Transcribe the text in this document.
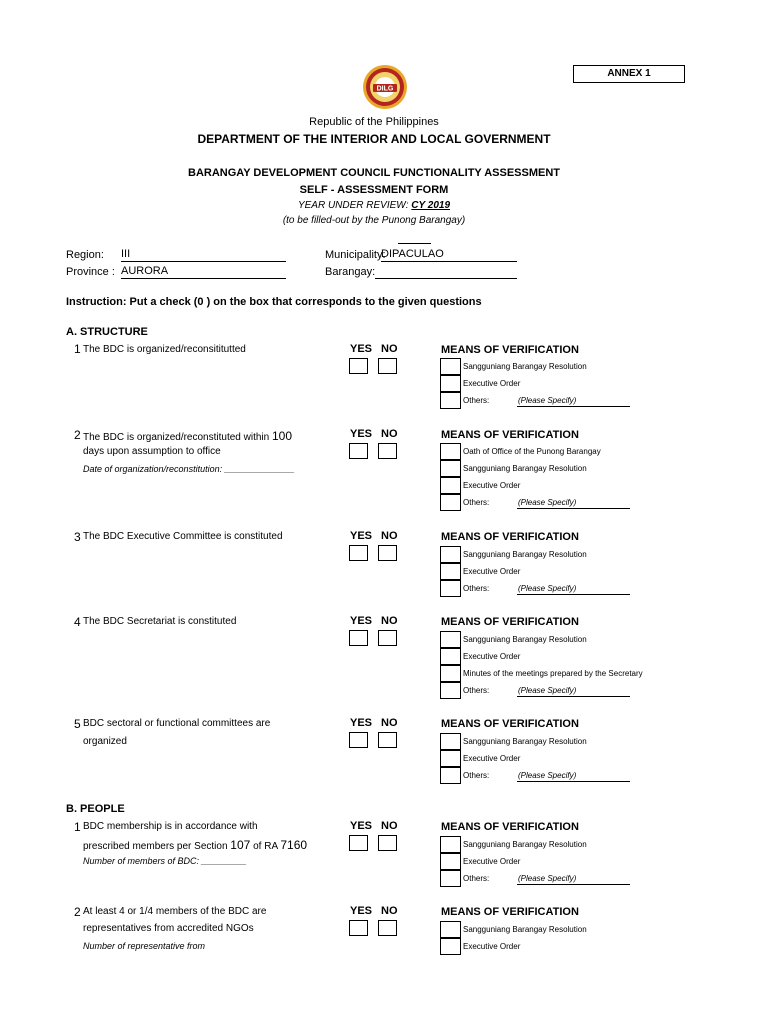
ANNEX 1
DILG
Republic of the Philippines
DEPARTMENT OF THE INTERIOR AND LOCAL GOVERNMENT
BARANGAY DEVELOPMENT COUNCIL FUNCTIONALITY ASSESSMENT
SELF - ASSESSMENT FORM
YEAR UNDER REVIEW: CY 2019
(to be filled-out by the Punong Barangay)
Region: III
Province : AURORA
Municipality:
DIPACULAO
Barangay:
Instruction: Put a check (0 ) on the box that corresponds to the given questions
A. STRUCTURE
1 The BDC is organized/reconsititutted	YES NO	MEANS OF VERIFICATION
Sangguniang Barangay Resolution
Executive Order
Others:	(Please Specify)
2 The BDC is organized/reconstituted within 100
days upon assumption to office
Date of organization/reconstitution: ______________
YES NO	MEANS OF VERIFICATION
Oath of Office of the Punong Barangay
Sangguniang Barangay Resolution
Executive Order
Others:	(Please Specify)
3 The BDC Executive Committee is constituted	YES NO	MEANS OF VERIFICATION
Sangguniang Barangay Resolution
Executive Order
Others:	(Please Specify)
4 The BDC Secretariat is constituted	YES NO	MEANS OF VERIFICATION
Sangguniang Barangay Resolution
Executive Order
Minutes of the meetings prepared by the Secretary
Others:	(Please Specify)
5 BDC sectoral or functional committees are
organized
YES NO	MEANS OF VERIFICATION
Sangguniang Barangay Resolution
Executive Order
Others:	(Please Specify)
B. PEOPLE
1 BDC membership is in accordance with
prescribed members per Section 107 of RA 7160
Number of members of BDC: _________
YES NO	MEANS OF VERIFICATION
Sangguniang Barangay Resolution
Executive Order
Others:	(Please Specify)
2 At least 4 or 1/4 members of the BDC are
representatives from accredited NGOs
Number of representative from
YES NO	MEANS OF VERIFICATION
Sangguniang Barangay Resolution
Executive Order
